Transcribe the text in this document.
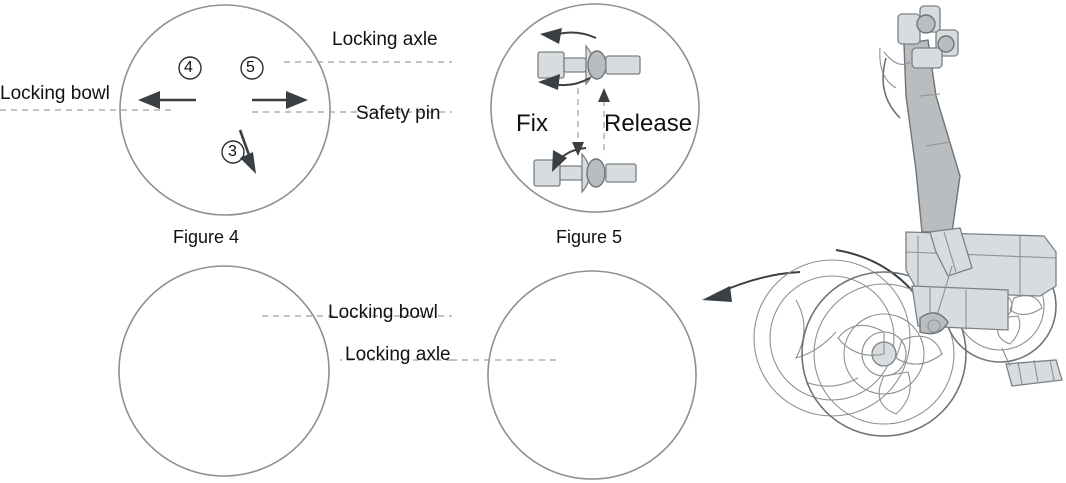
Locking axle
Safety pin
Locking bowl
4	5
3
Figure 4
Fix Release
Figure 5
Locking bowl
Locking axle
